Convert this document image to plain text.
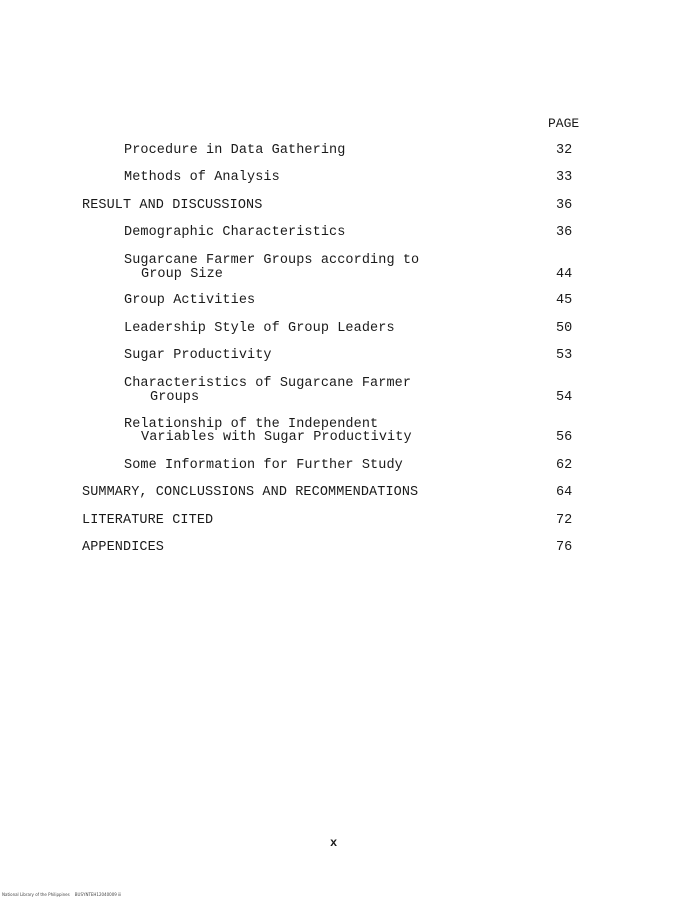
PAGE
Procedure in Data Gathering	32
Methods of Analysis	33
RESULT AND DISCUSSIONS	36
Demographic Characteristics	36
Sugarcane Farmer Groups according to
Group Size	44
Group Activities	45
Leadership Style of Group Leaders	50
Sugar Productivity	53
Characteristics of Sugarcane Farmer
Groups	54
Relationship of the Independent
Variables with Sugar Productivity	56
Some Information for Further Study	62
SUMMARY, CONCLUSSIONS AND RECOMMENDATIONS	64
LITERATURE CITED	72
APPENDICES	76
x
National Library of the Philippines    BUSYNTEH12040009 iii
